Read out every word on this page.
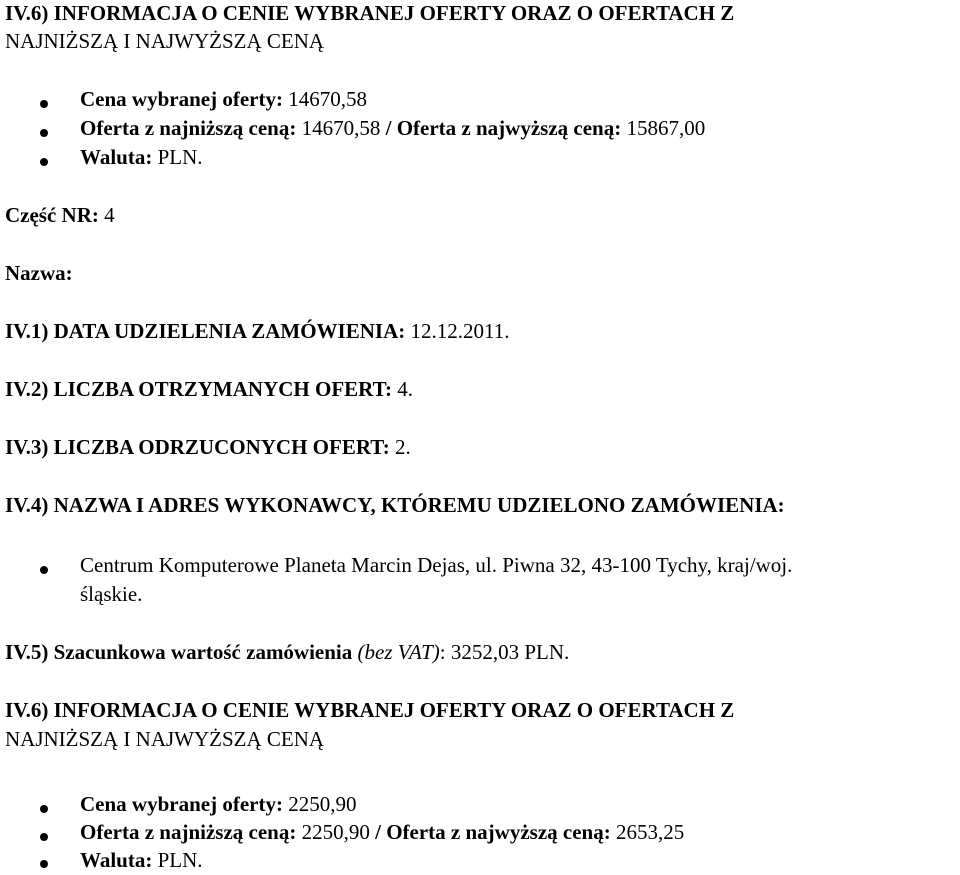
IV.6) INFORMACJA O CENIE WYBRANEJ OFERTY ORAZ O OFERTACH Z
NAJNIŻSZĄ I NAJWYŻSZĄ CENĄ
Cena wybranej oferty: 14670,58
Oferta z najniższą ceną: 14670,58 / Oferta z najwyższą ceną: 15867,00
Waluta: PLN.
Część NR: 4
Nazwa:
IV.1) DATA UDZIELENIA ZAMÓWIENIA: 12.12.2011.
IV.2) LICZBA OTRZYMANYCH OFERT: 4.
IV.3) LICZBA ODRZUCONYCH OFERT: 2.
IV.4) NAZWA I ADRES WYKONAWCY, KTÓREMU UDZIELONO ZAMÓWIENIA:
Centrum Komputerowe Planeta Marcin Dejas, ul. Piwna 32, 43-100 Tychy, kraj/woj.
śląskie.
IV.5) Szacunkowa wartość zamówienia (bez VAT): 3252,03 PLN.
IV.6) INFORMACJA O CENIE WYBRANEJ OFERTY ORAZ O OFERTACH Z
NAJNIŻSZĄ I NAJWYŻSZĄ CENĄ
Cena wybranej oferty: 2250,90
Oferta z najniższą ceną: 2250,90 / Oferta z najwyższą ceną: 2653,25
Waluta: PLN.
